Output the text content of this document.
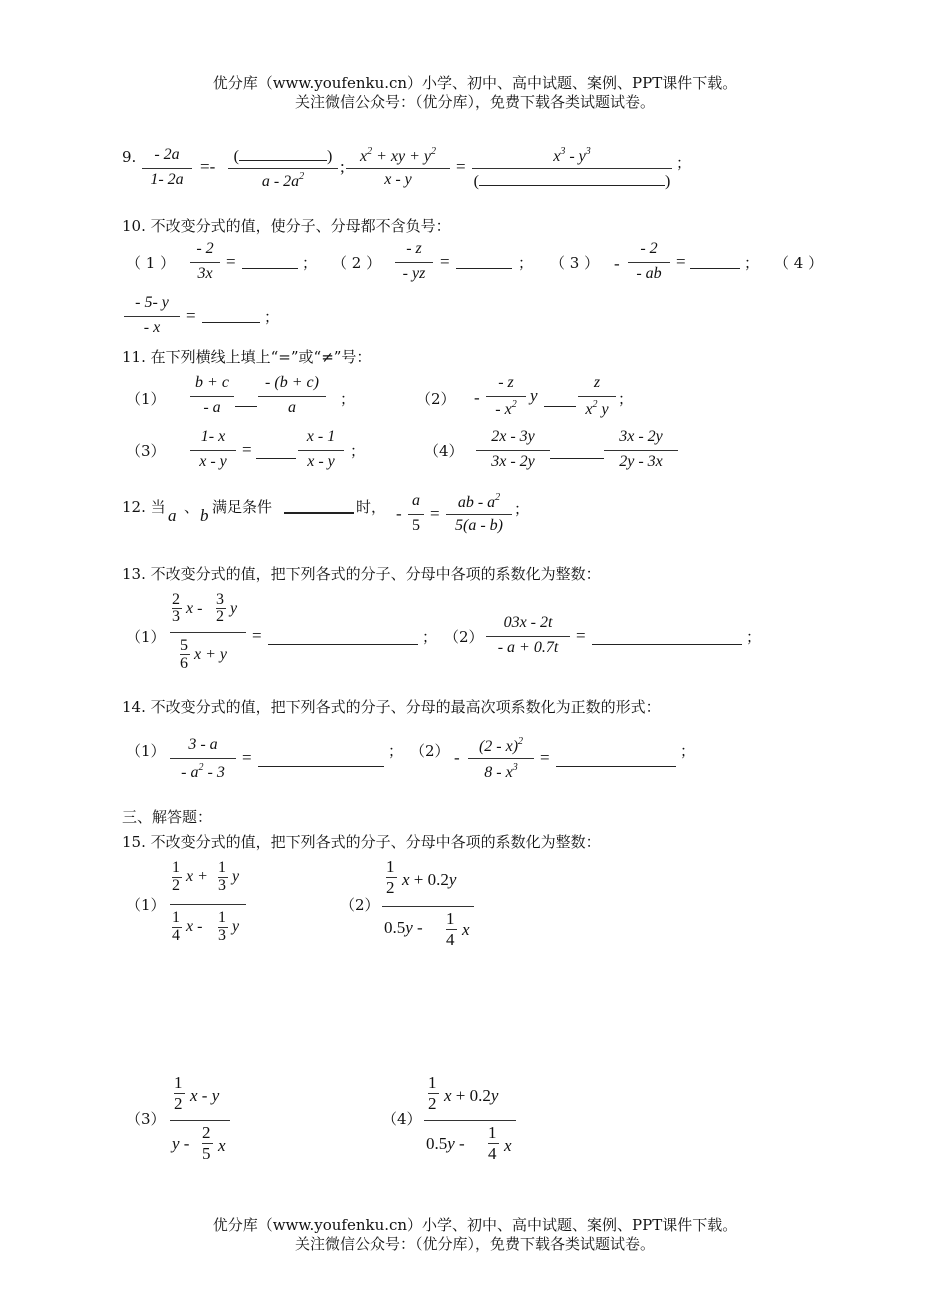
优分库（www.youfenku.cn）小学、初中、高中试题、案例、PPT课件下载。
关注微信公众号：（优分库），免费下载各类试题试卷。
9.	- 2a
1- 2a
=-
(	)
a - $2a^2$
;
$x^2$ + xy + $y^2$
x - y
=
$x^3 - y^3$
(	)
；
10. 不改变分式的值，使分子、分母都不含负号：
（ 1 ）
- 2
3x
=	； （ 2 ）
- z
- yz
=	； （ 3 ） -
- 2
- ab
=	； （ 4 ）
- 5- y
- x
=	；
11. 在下列横线上填上“=”或“≠”号：
（1）
b + c
- a
- (b + c)
a	；	（2） -
- z
- $x^2$ y
z
$x^2$ y
；
（3）
1- x
x - y
=
x - 1
x - y
；	（4）
2x - 3y
3x - 2y
3x - 2y
2y - 3x
12. 当 a 、 b 满足条件	时， -
a
5
=
ab - $a^2$
5(a - b)
；
13. 不改变分式的值，把下列各式的分子、分母中各项的系数化为整数：
（1）
2
3 x -
3
2 y
5
6
x + y
=	； （2）
03x - 2t
- a + 0.7t
=	；
14. 不改变分式的值，把下列各式的分子、分母的最高次项系数化为正数的形式：
（1）	3 - a
- $a^2 - 3$
=	； （2） -
(2 - x)$^2$
$8 - x^3$
=	；
三、解答题：
15. 不改变分式的值，把下列各式的分子、分母中各项的系数化为整数：
（1）
1
2
x +
1
3
y
1
4
x -
1
3
y
（2）
1
2 x + 0.2y
0.5y - 1
4
x
（3）
1
2 x - y
y -
2
5 x
（4）
1
2 x + 0.2y
0.5y -
1
4 x
优分库（www.youfenku.cn）小学、初中、高中试题、案例、PPT课件下载。
关注微信公众号：（优分库），免费下载各类试题试卷。
